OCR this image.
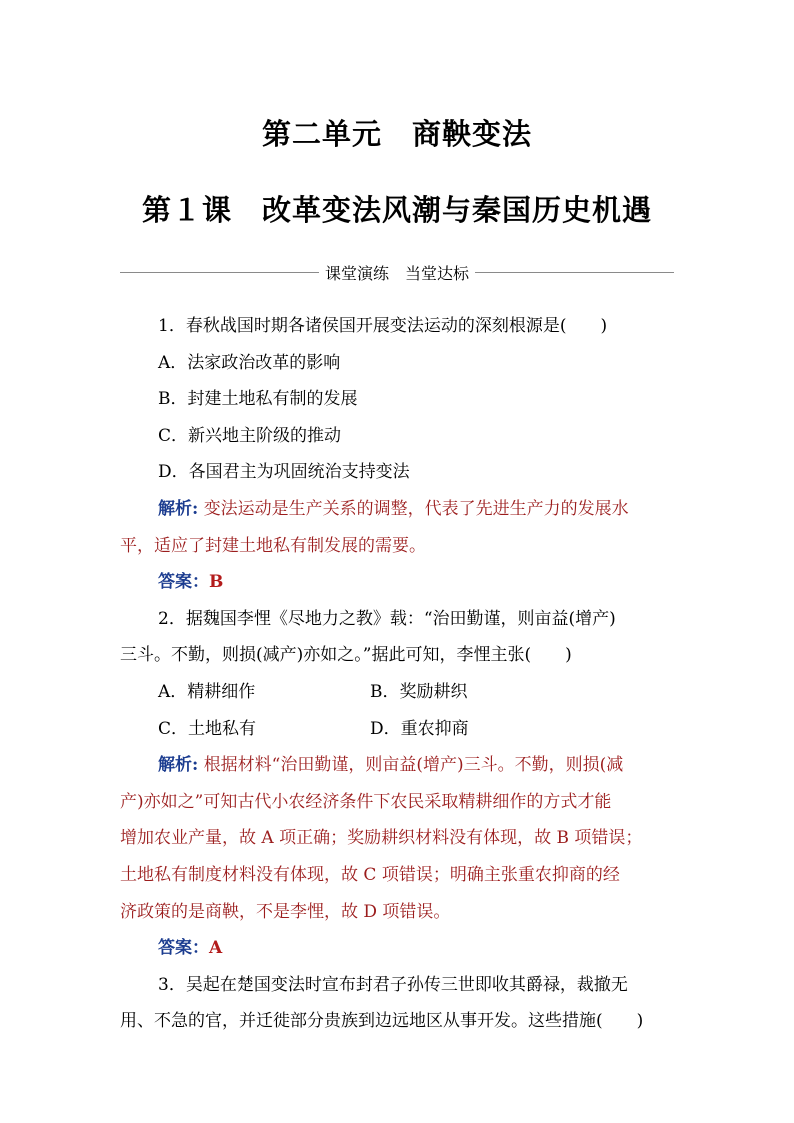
第二单元　商鞅变法
第１课　改革变法风潮与秦国历史机遇
课堂演练　当堂达标
1．春秋战国时期各诸侯国开展变法运动的深刻根源是(　　)
A．法家政治改革的影响
B．封建土地私有制的发展
C．新兴地主阶级的推动
D．各国君主为巩固统治支持变法
解析: 变法运动是生产关系的调整，代表了先进生产力的发展水
平，适应了封建土地私有制发展的需要。
答案：B
2．据魏国李悝《尽地力之教》载：“治田勤谨，则亩益(增产)
三斗。不勤，则损(减产)亦如之。”据此可知，李悝主张(　　)
A．精耕细作	B．奖励耕织
C．土地私有	D．重农抑商
解析: 根据材料“治田勤谨，则亩益(增产)三斗。不勤，则损(减
产)亦如之”可知古代小农经济条件下农民采取精耕细作的方式才能
增加农业产量，故 A 项正确；奖励耕织材料没有体现，故 B 项错误；
土地私有制度材料没有体现，故 C 项错误；明确主张重农抑商的经
济政策的是商鞅，不是李悝，故 D 项错误。
答案：A
3．吴起在楚国变法时宣布封君子孙传三世即收其爵禄，裁撤无
用、不急的官，并迁徙部分贵族到边远地区从事开发。这些措施(　　)
